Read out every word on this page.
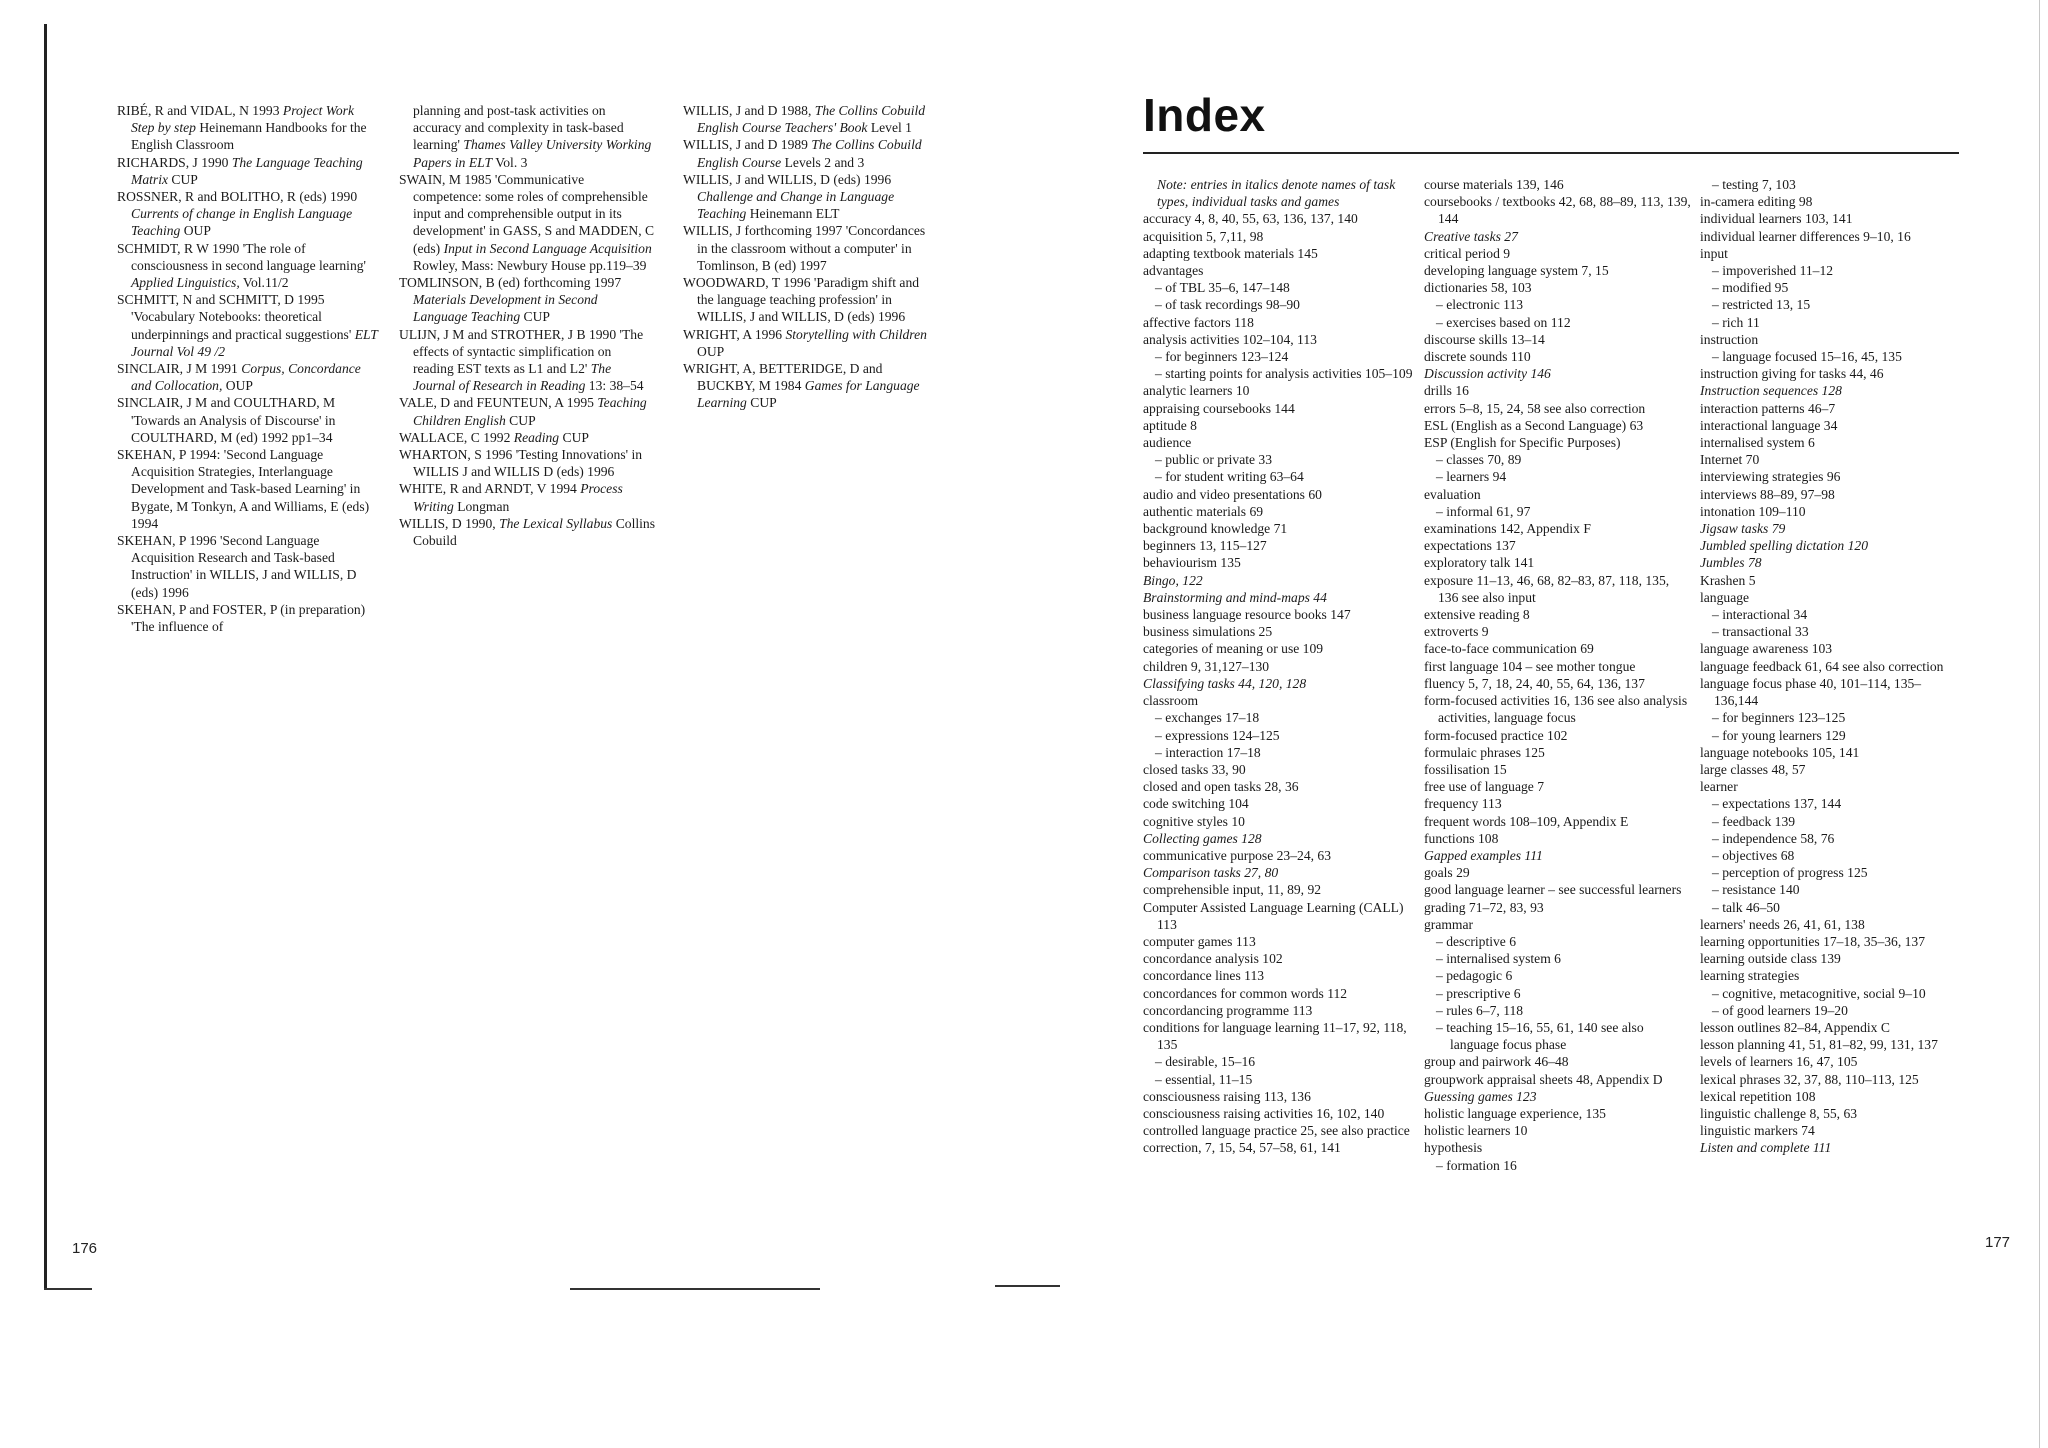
RIBÉ, R and VIDAL, N 1993 Project Work Step by step Heinemann Handbooks for the English Classroom
RICHARDS, J 1990 The Language Teaching Matrix CUP
ROSSNER, R and BOLITHO, R (eds) 1990 Currents of change in English Language Teaching OUP
SCHMIDT, R W 1990 'The role of consciousness in second language learning' Applied Linguistics, Vol.11/2
SCHMITT, N and SCHMITT, D 1995 'Vocabulary Notebooks: theoretical underpinnings and practical suggestions' ELT Journal Vol 49 /2
SINCLAIR, J M 1991 Corpus, Concordance and Collocation, OUP
SINCLAIR, J M and COULTHARD, M 'Towards an Analysis of Discourse' in COULTHARD, M (ed) 1992 pp1–34
SKEHAN, P 1994: 'Second Language Acquisition Strategies, Interlanguage Development and Task-based Learning' in Bygate, M Tonkyn, A and Williams, E (eds) 1994
SKEHAN, P 1996 'Second Language Acquisition Research and Task-based Instruction' in WILLIS, J and WILLIS, D (eds) 1996
SKEHAN, P and FOSTER, P (in preparation) 'The influence of
planning and post-task activities on accuracy and complexity in task-based learning' Thames Valley University Working Papers in ELT Vol. 3
SWAIN, M 1985 'Communicative competence: some roles of comprehensible input and comprehensible output in its development' in GASS, S and MADDEN, C (eds) Input in Second Language Acquisition Rowley, Mass: Newbury House pp.119–39
TOMLINSON, B (ed) forthcoming 1997 Materials Development in Second Language Teaching CUP
ULIJN, J M and STROTHER, J B 1990 'The effects of syntactic simplification on reading EST texts as L1 and L2' The Journal of Research in Reading 13: 38–54
VALE, D and FEUNTEUN, A 1995 Teaching Children English CUP
WALLACE, C 1992 Reading CUP
WHARTON, S 1996 'Testing Innovations' in WILLIS J and WILLIS D (eds) 1996
WHITE, R and ARNDT, V 1994 Process Writing Longman
WILLIS, D 1990, The Lexical Syllabus Collins Cobuild
WILLIS, J and D 1988, The Collins Cobuild English Course Teachers' Book Level 1
WILLIS, J and D 1989 The Collins Cobuild English Course Levels 2 and 3
WILLIS, J and WILLIS, D (eds) 1996 Challenge and Change in Language Teaching Heinemann ELT
WILLIS, J forthcoming 1997 'Concordances in the classroom without a computer' in Tomlinson, B (ed) 1997
WOODWARD, T 1996 'Paradigm shift and the language teaching profession' in WILLIS, J and WILLIS, D (eds) 1996
WRIGHT, A 1996 Storytelling with Children OUP
WRIGHT, A, BETTERIDGE, D and BUCKBY, M 1984 Games for Language Learning CUP
176
Index
Note: entries in italics denote names of task types, individual tasks and games
accuracy 4, 8, 40, 55, 63, 136, 137, 140
acquisition 5, 7,11, 98
adapting textbook materials 145
advantages
– of TBL 35–6, 147–148
– of task recordings 98–90
affective factors 118
analysis activities 102–104, 113
– for beginners 123–124
– starting points for analysis activities 105–109
analytic learners 10
appraising coursebooks 144
aptitude 8
audience
– public or private 33
– for student writing 63–64
audio and video presentations 60
authentic materials 69
background knowledge 71
beginners 13, 115–127
behaviourism 135
Bingo, 122
Brainstorming and mind-maps 44
business language resource books 147
business simulations 25
categories of meaning or use 109
children 9, 31,127–130
Classifying tasks 44, 120, 128
classroom
– exchanges 17–18
– expressions 124–125
– interaction 17–18
closed tasks 33, 90
closed and open tasks 28, 36
code switching 104
cognitive styles 10
Collecting games 128
communicative purpose 23–24, 63
Comparison tasks 27, 80
comprehensible input, 11, 89, 92
Computer Assisted Language Learning (CALL) 113
computer games 113
concordance analysis 102
concordance lines 113
concordances for common words 112
concordancing programme 113
conditions for language learning 11–17, 92, 118, 135
– desirable, 15–16
– essential, 11–15
consciousness raising 113, 136
consciousness raising activities 16, 102, 140
controlled language practice 25, see also practice
correction, 7, 15, 54, 57–58, 61, 141
course materials 139, 146
coursebooks / textbooks 42, 68, 88–89, 113, 139, 144
Creative tasks 27
critical period 9
developing language system 7, 15
dictionaries 58, 103
– electronic 113
– exercises based on 112
discourse skills 13–14
discrete sounds 110
Discussion activity 146
drills 16
errors 5–8, 15, 24, 58 see also correction
ESL (English as a Second Language) 63
ESP (English for Specific Purposes)
– classes 70, 89
– learners 94
evaluation
– informal 61, 97
examinations 142, Appendix F
expectations 137
exploratory talk 141
exposure 11–13, 46, 68, 82–83, 87, 118, 135, 136 see also input
extensive reading 8
extroverts 9
face-to-face communication 69
first language 104 – see mother tongue
fluency 5, 7, 18, 24, 40, 55, 64, 136, 137
form-focused activities 16, 136 see also analysis activities, language focus
form-focused practice 102
formulaic phrases 125
fossilisation 15
free use of language 7
frequency 113
frequent words 108–109, Appendix E
functions 108
Gapped examples 111
goals 29
good language learner – see successful learners
grading 71–72, 83, 93
grammar
– descriptive 6
– internalised system 6
– pedagogic 6
– prescriptive 6
– rules 6–7, 118
– teaching 15–16, 55, 61, 140 see also language focus phase
group and pairwork 46–48
groupwork appraisal sheets 48, Appendix D
Guessing games 123
holistic language experience, 135
holistic learners 10
hypothesis
– formation 16
– testing 7, 103
in-camera editing 98
individual learners 103, 141
individual learner differences 9–10, 16
input
– impoverished 11–12
– modified 95
– restricted 13, 15
– rich 11
instruction
– language focused 15–16, 45, 135
instruction giving for tasks 44, 46
Instruction sequences 128
interaction patterns 46–7
interactional language 34
internalised system 6
Internet 70
interviewing strategies 96
interviews 88–89, 97–98
intonation 109–110
Jigsaw tasks 79
Jumbled spelling dictation 120
Jumbles 78
Krashen 5
language
– interactional 34
– transactional 33
language awareness 103
language feedback 61, 64 see also correction
language focus phase 40, 101–114, 135–136,144
– for beginners 123–125
– for young learners 129
language notebooks 105, 141
large classes 48, 57
learner
– expectations 137, 144
– feedback 139
– independence 58, 76
– objectives 68
– perception of progress 125
– resistance 140
– talk 46–50
learners' needs 26, 41, 61, 138
learning opportunities 17–18, 35–36, 137
learning outside class 139
learning strategies
– cognitive, metacognitive, social 9–10
– of good learners 19–20
lesson outlines 82–84, Appendix C
lesson planning 41, 51, 81–82, 99, 131, 137
levels of learners 16, 47, 105
lexical phrases 32, 37, 88, 110–113, 125
lexical repetition 108
linguistic challenge 8, 55, 63
linguistic markers 74
Listen and complete 111
177
